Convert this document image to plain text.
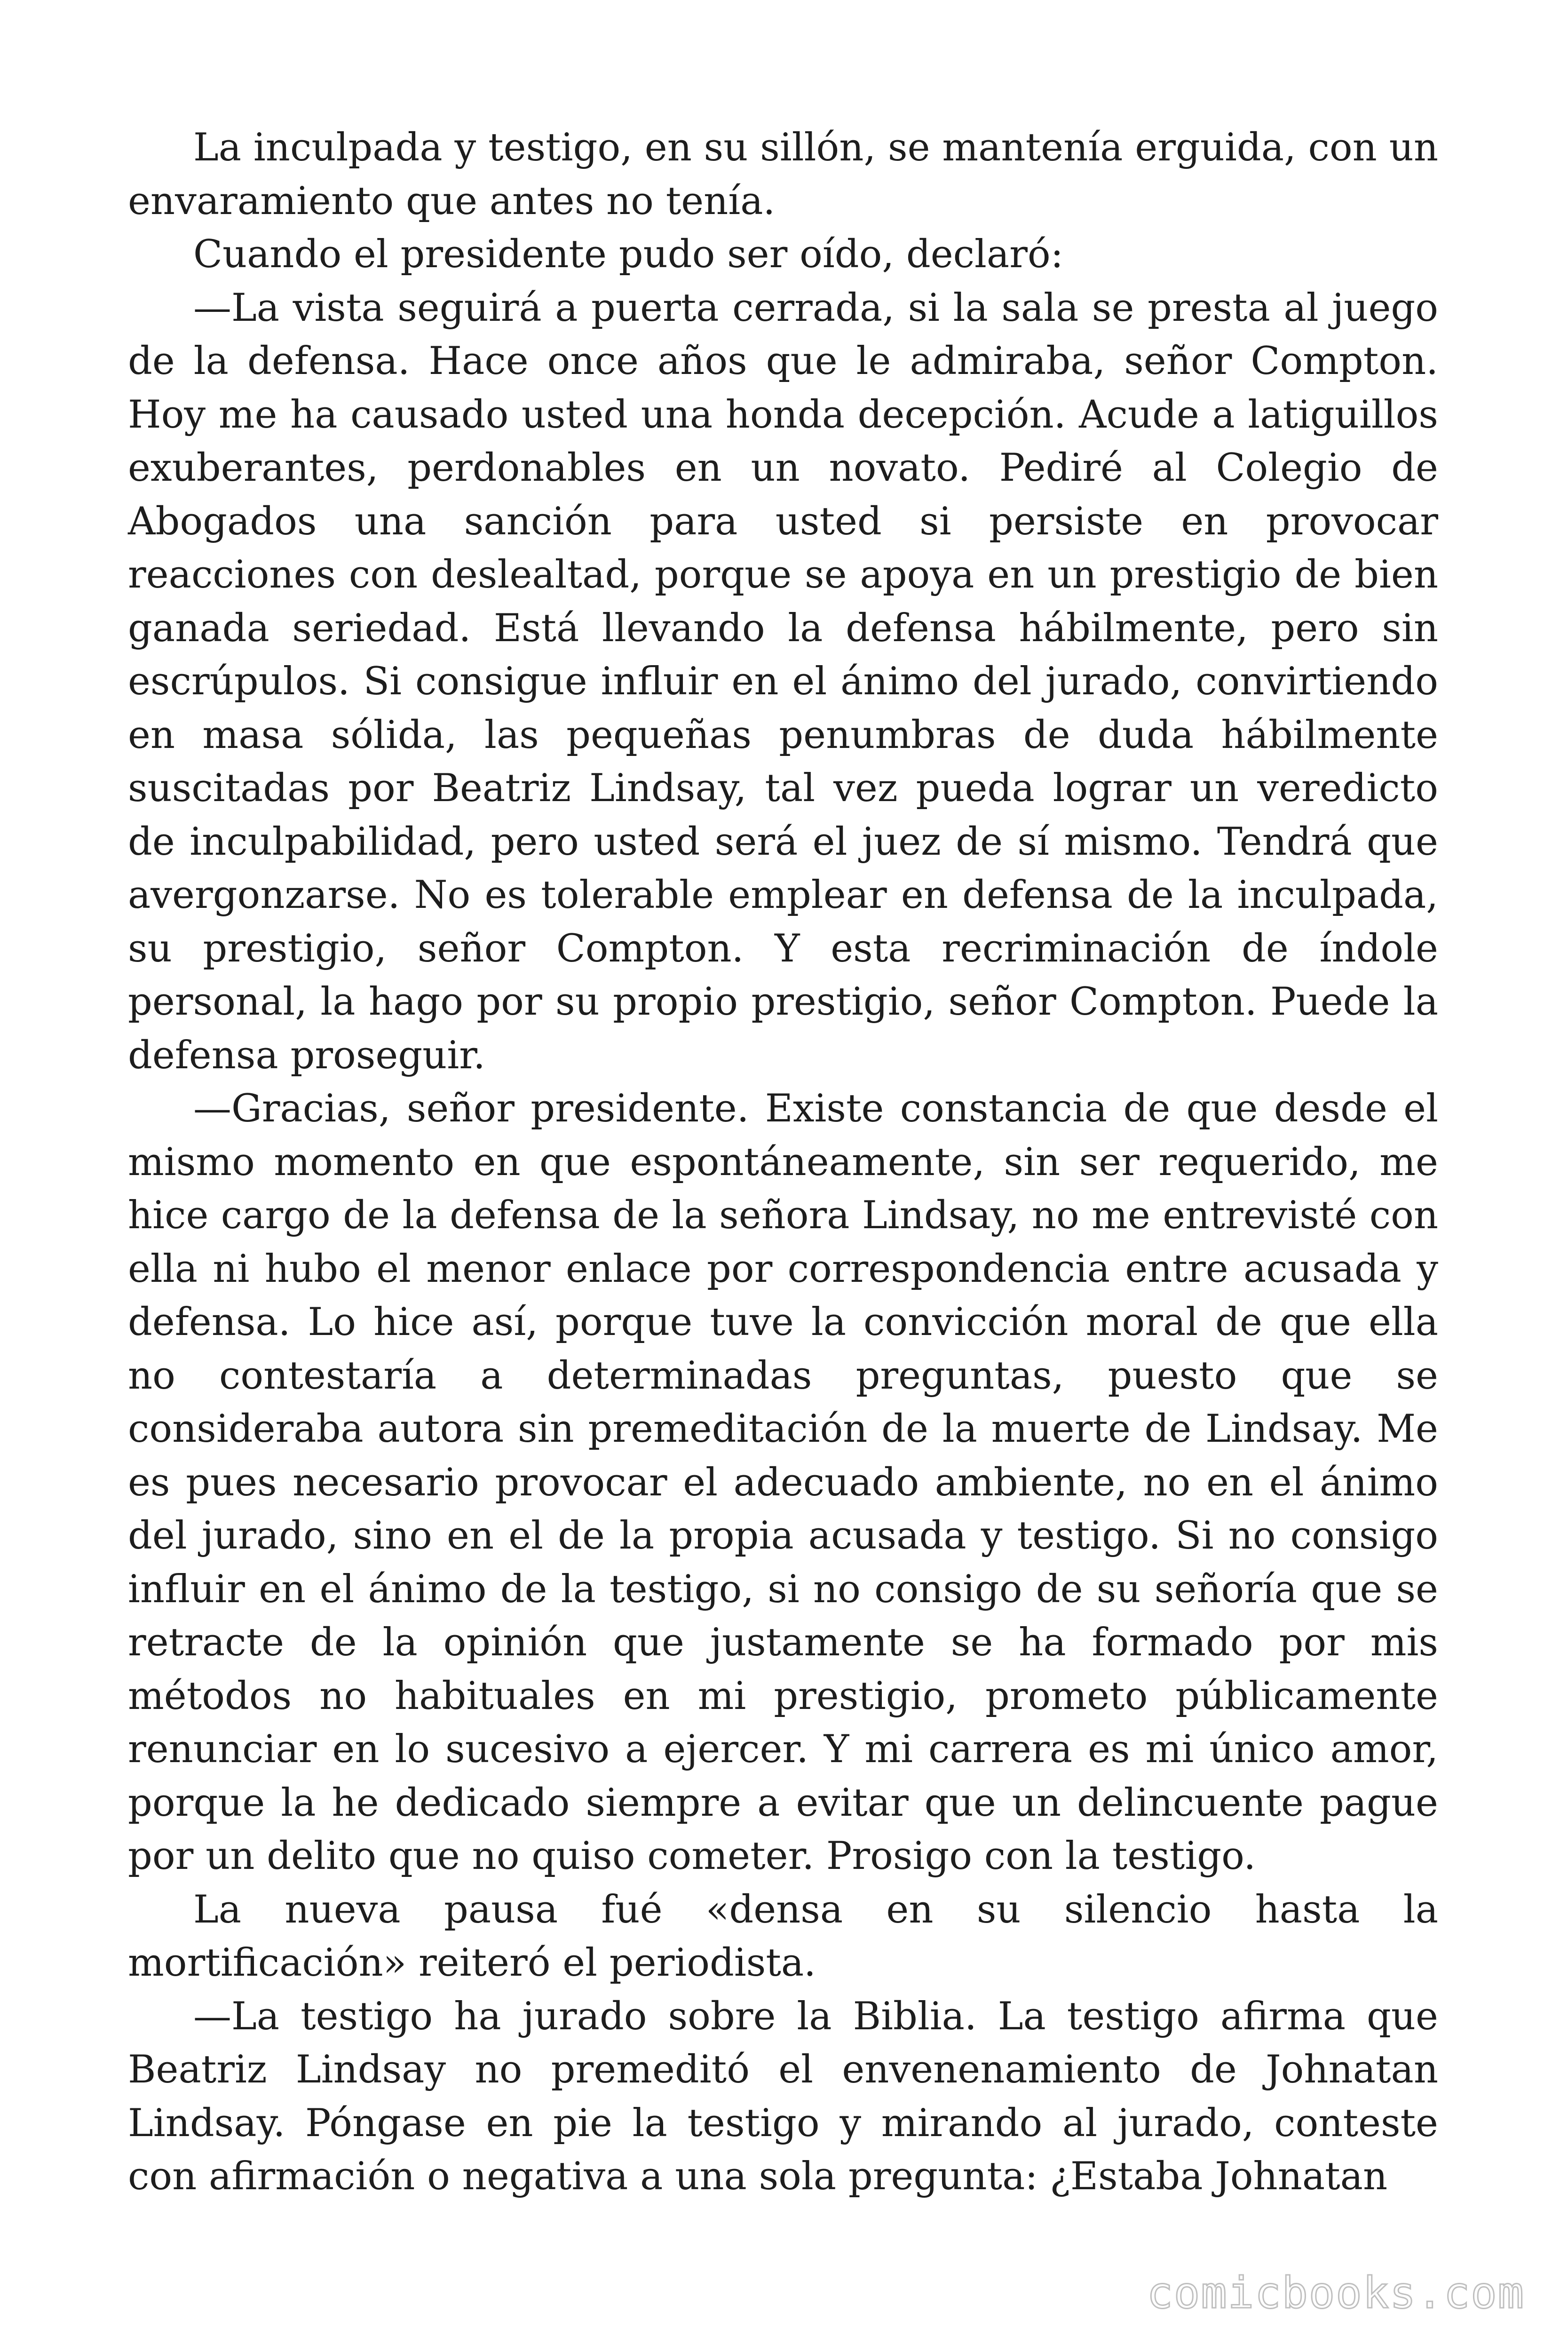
La inculpada y testigo, en su sillón, se mantenía erguida, con un envaramiento que antes no tenía.

Cuando el presidente pudo ser oído, declaró:

—La vista seguirá a puerta cerrada, si la sala se presta al juego de la defensa. Hace once años que le admiraba, señor Compton. Hoy me ha causado usted una honda decepción. Acude a latiguillos exuberantes, perdonables en un novato. Pediré al Colegio de Abogados una sanción para usted si persiste en provocar reacciones con deslealtad, porque se apoya en un prestigio de bien ganada seriedad. Está llevando la defensa hábilmente, pero sin escrúpulos. Si consigue influir en el ánimo del jurado, convirtiendo en masa sólida, las pequeñas penumbras de duda hábilmente suscitadas por Beatriz Lindsay, tal vez pueda lograr un veredicto de inculpabilidad, pero usted será el juez de sí mismo. Tendrá que avergonzarse. No es tolerable emplear en defensa de la inculpada, su prestigio, señor Compton. Y esta recriminación de índole personal, la hago por su propio prestigio, señor Compton. Puede la defensa proseguir.

—Gracias, señor presidente. Existe constancia de que desde el mismo momento en que espontáneamente, sin ser requerido, me hice cargo de la defensa de la señora Lindsay, no me entrevisté con ella ni hubo el menor enlace por correspondencia entre acusada y defensa. Lo hice así, porque tuve la convicción moral de que ella no contestaría a determinadas preguntas, puesto que se consideraba autora sin premeditación de la muerte de Lindsay. Me es pues necesario provocar el adecuado ambiente, no en el ánimo del jurado, sino en el de la propia acusada y testigo. Si no consigo influir en el ánimo de la testigo, si no consigo de su señoría que se retracte de la opinión que justamente se ha formado por mis métodos no habituales en mi prestigio, prometo públicamente renunciar en lo sucesivo a ejercer. Y mi carrera es mi único amor, porque la he dedicado siempre a evitar que un delincuente pague por un delito que no quiso cometer. Prosigo con la testigo.

La nueva pausa fué «densa en su silencio hasta la mortificación» reiteró el periodista.

—La testigo ha jurado sobre la Biblia. La testigo afirma que Beatriz Lindsay no premeditó el envenenamiento de Johnatan Lindsay. Póngase en pie la testigo y mirando al jurado, conteste con afirmación o negativa a una sola pregunta: ¿Estaba Johnatan

comicbooks.com
